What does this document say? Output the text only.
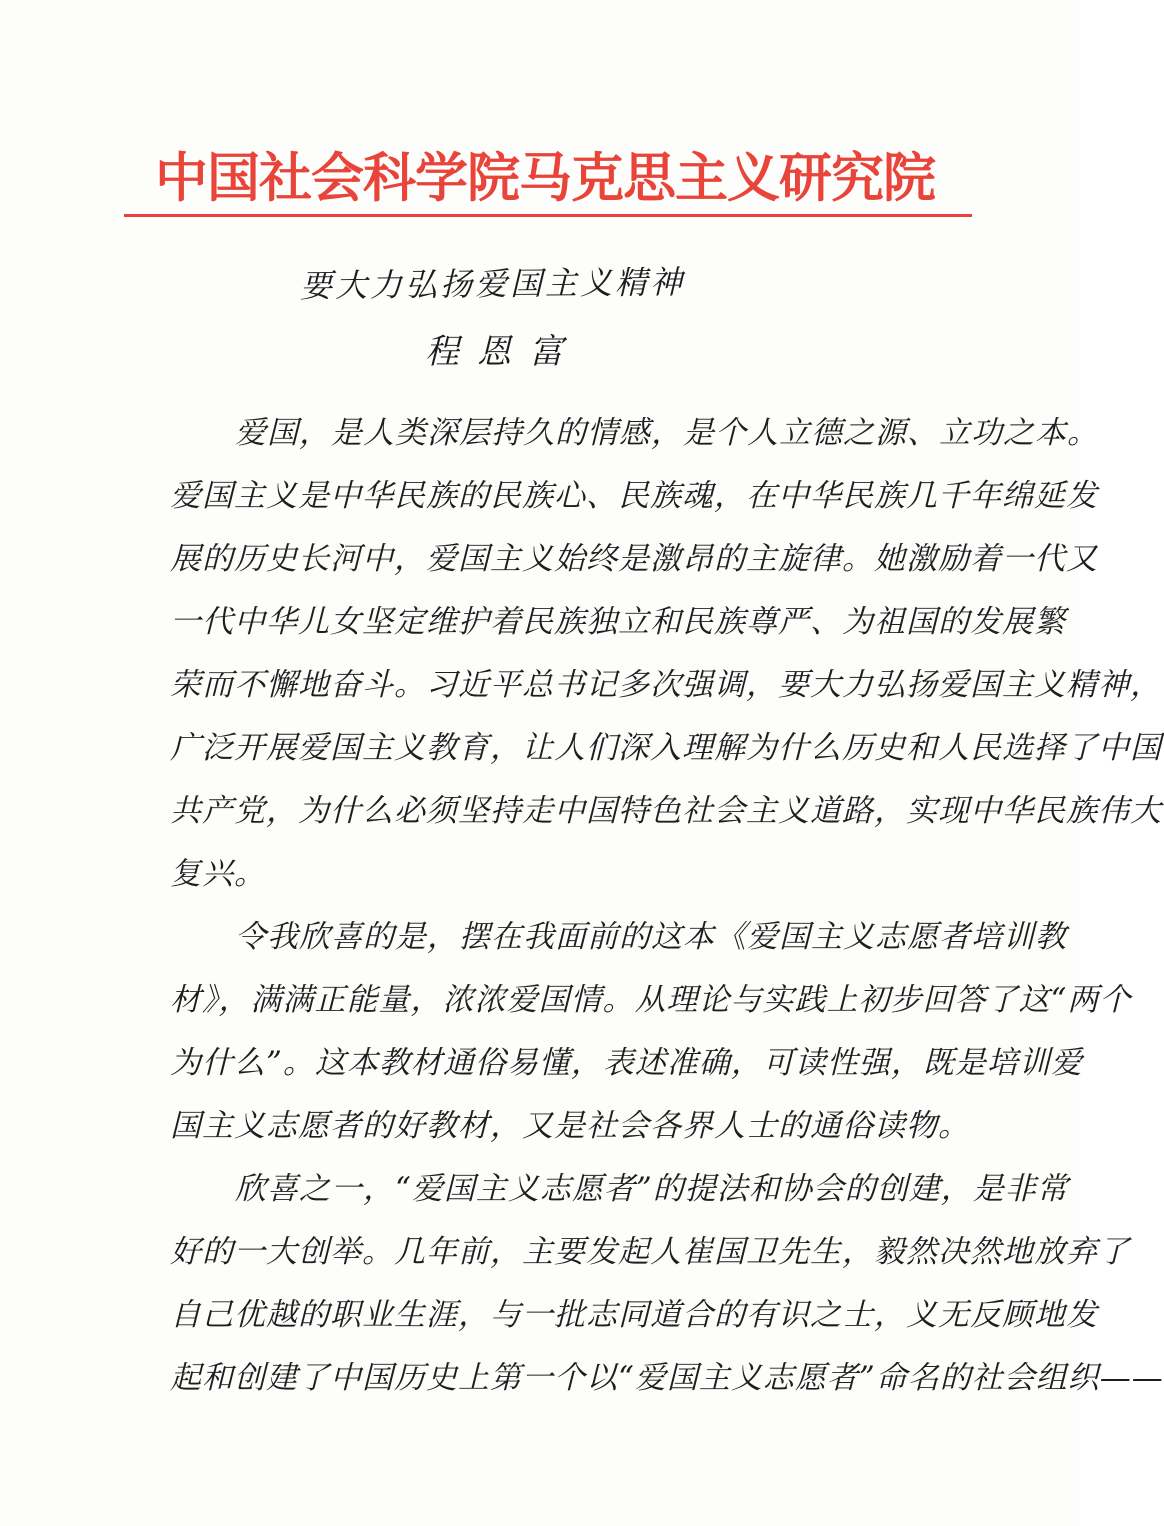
中国社会科学院马克思主义研究院
要大力弘扬爱国主义精神
程恩富
爱国，是人类深层持久的情感，是个人立德之源、立功之本。
爱国主义是中华民族的民族心、民族魂，在中华民族几千年绵延发
展的历史长河中，爱国主义始终是激昂的主旋律。她激励着一代又
一代中华儿女坚定维护着民族独立和民族尊严、为祖国的发展繁
荣而不懈地奋斗。习近平总书记多次强调，要大力弘扬爱国主义精神，
广泛开展爱国主义教育，让人们深入理解为什么历史和人民选择了中国
共产党，为什么必须坚持走中国特色社会主义道路，实现中华民族伟大
复兴。
令我欣喜的是，摆在我面前的这本《爱国主义志愿者培训教
材》，满满正能量，浓浓爱国情。从理论与实践上初步回答了这“两个
为什么”。这本教材通俗易懂，表述准确，可读性强，既是培训爱
国主义志愿者的好教材，又是社会各界人士的通俗读物。
欣喜之一，“爱国主义志愿者”的提法和协会的创建，是非常
好的一大创举。几年前，主要发起人崔国卫先生，毅然决然地放弃了
自己优越的职业生涯，与一批志同道合的有识之士，义无反顾地发
起和创建了中国历史上第一个以“爱国主义志愿者”命名的社会组织——
